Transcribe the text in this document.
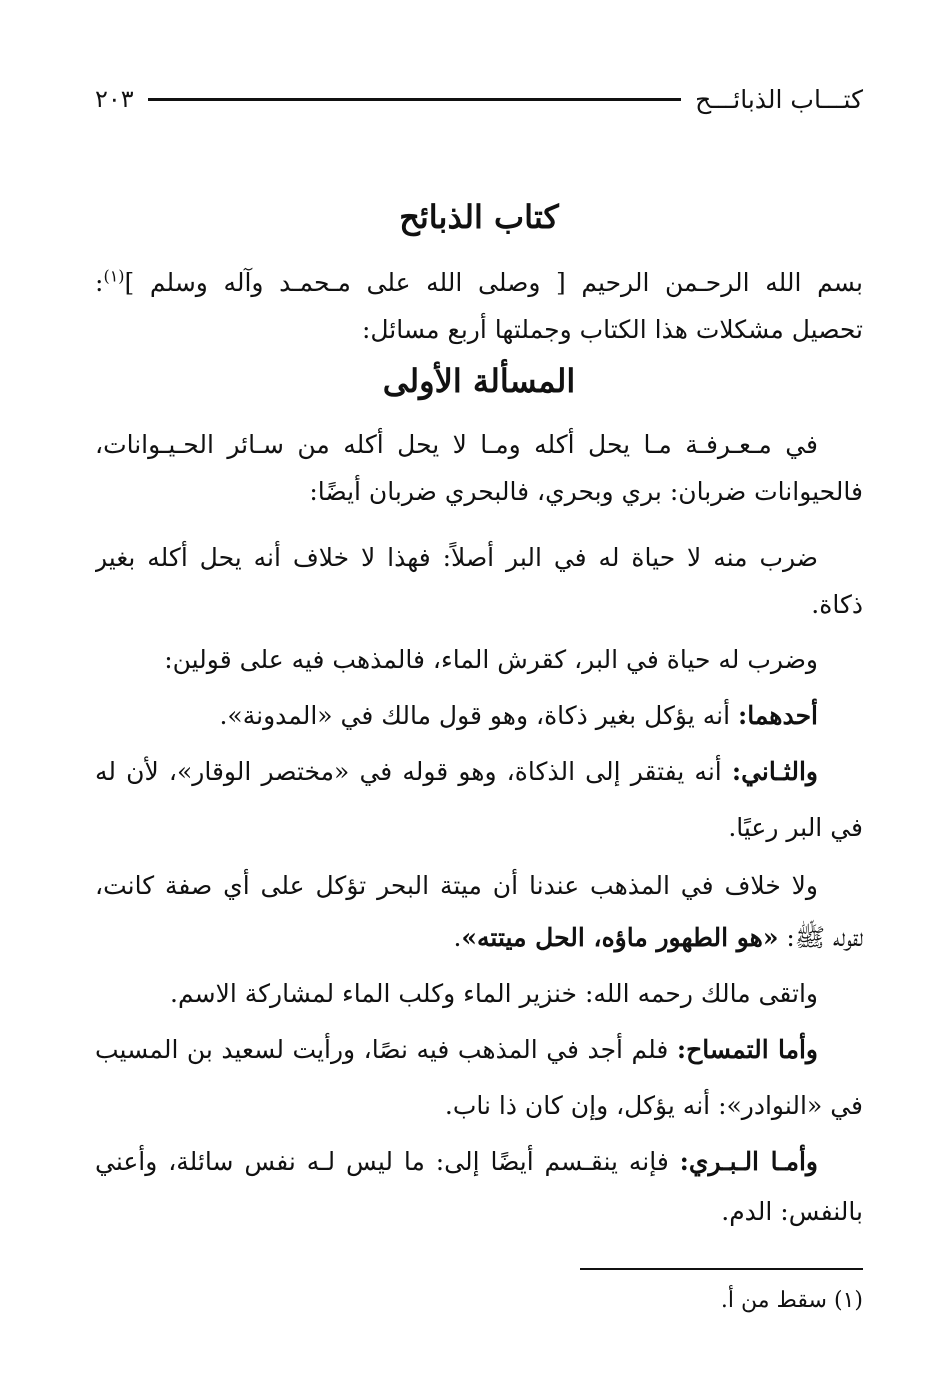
كتـــاب الذبائـــح
٢٠٣
كتاب الذبائح
بسم الله الرحـمن الرحيم [ وصلى الله على مـحمـد وآله وسلم ]$^{(١)}$:
تحصيل مشكلات هذا الكتاب وجملتها أربع مسائل:
المسألة الأولى
في مـعـرفـة مـا يحل أكله ومـا لا يحل أكله من سـائر الحـيـوانات،
فالحيوانات ضربان: بري وبحري، فالبحري ضربان أيضًا:
ضرب منه لا حياة له في البر أصلاً: فهذا لا خلاف أنه يحل أكله بغير
ذكاة.
وضرب له حياة في البر، كقرش الماء، فالمذهب فيه على قولين:
أحدهما: أنه يؤكل بغير ذكاة، وهو قول مالك في «المدونة».
والثـاني: أنه يفتقر إلى الذكاة، وهو قوله في «مختصر الوقار»، لأن له
في البر رعيًا.
ولا خلاف في المذهب عندنا أن ميتة البحر تؤكل على أي صفة كانت،
لقوله ﷺ: «هو الطهور ماؤه، الحل ميتته».
واتقى مالك رحمه الله: خنزير الماء وكلب الماء لمشاركة الاسم.
وأما التمساح: فلم أجد في المذهب فيه نصًا، ورأيت لسعيد بن المسيب
في «النوادر»: أنه يؤكل، وإن كان ذا ناب.
وأمـا الـبـري: فإنه ينقـسم أيضًا إلى: ما ليس لـه نفس سائلة، وأعني
بالنفس: الدم.
(١) سقط من أ.
